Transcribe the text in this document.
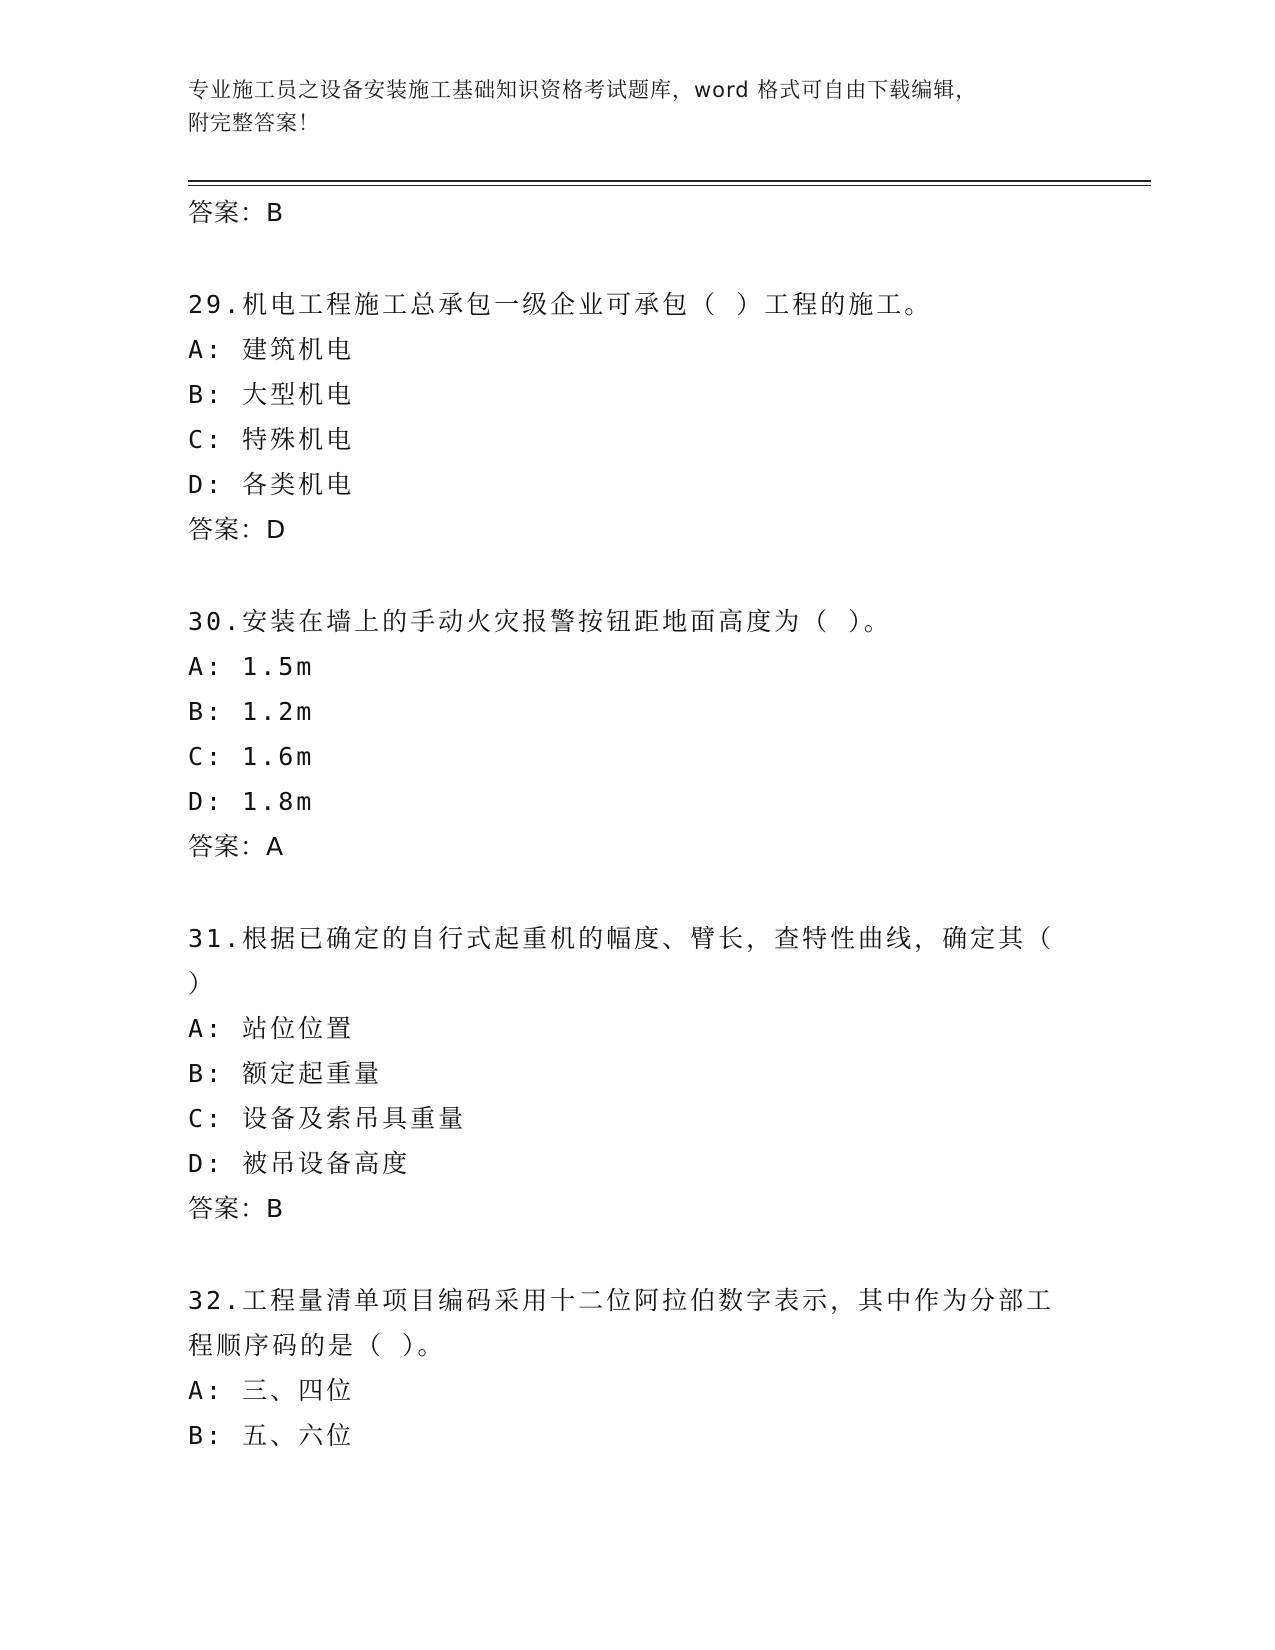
专业施工员之设备安装施工基础知识资格考试题库，word 格式可自由下载编辑，
附完整答案！

答案：B

29.机电工程施工总承包一级企业可承包（ ）工程的施工。

A: 建筑机电

B: 大型机电

C: 特殊机电

D: 各类机电

答案：D

30.安装在墙上的手动火灾报警按钮距地面高度为（ ）。

A: 1.5m

B: 1.2m

C: 1.6m

D: 1.8m

答案：A

31.根据已确定的自行式起重机的幅度、臂长，查特性曲线，确定其（

）

A: 站位位置

B: 额定起重量

C: 设备及索吊具重量

D: 被吊设备高度

答案：B

32.工程量清单项目编码采用十二位阿拉伯数字表示，其中作为分部工

程顺序码的是（ ）。

A: 三、四位

B: 五、六位
